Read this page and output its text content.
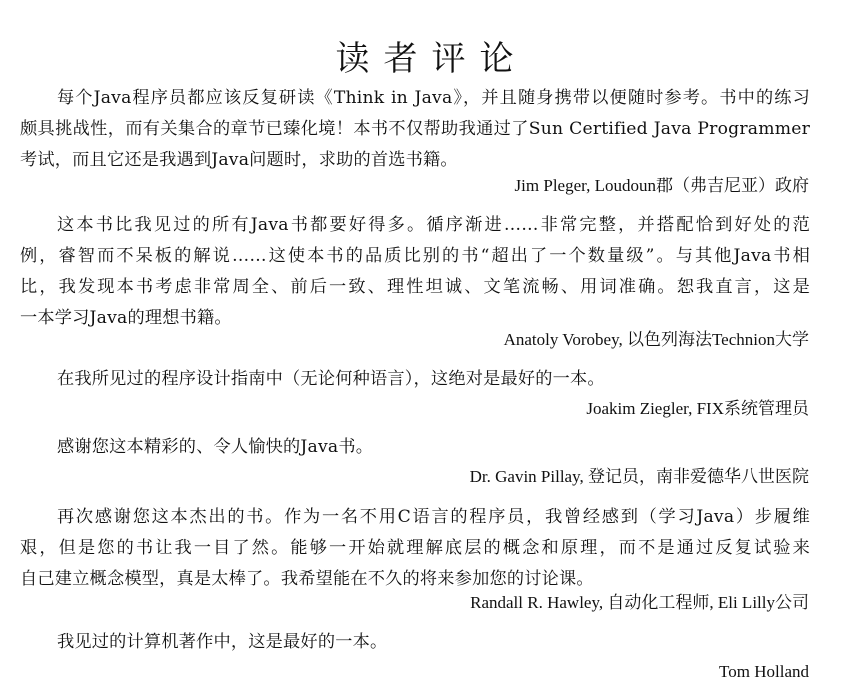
读者评论
每个Java程序员都应该反复研读《Think in Java》，并且随身携带以便随时参考。书中的练习
颇具挑战性，而有关集合的章节已臻化境！本书不仅帮助我通过了Sun Certified Java Programmer
考试，而且它还是我遇到Java问题时，求助的首选书籍。
Jim Pleger, Loudoun郡（弗吉尼亚）政府
这本书比我见过的所有Java书都要好得多。循序渐进……非常完整，并搭配恰到好处的范
例，睿智而不呆板的解说……这使本书的品质比别的书“超出了一个数量级”。与其他Java书相
比，我发现本书考虑非常周全、前后一致、理性坦诚、文笔流畅、用词准确。恕我直言，这是
一本学习Java的理想书籍。
Anatoly Vorobey, 以色列海法Technion大学
在我所见过的程序设计指南中（无论何种语言），这绝对是最好的一本。
Joakim Ziegler, FIX系统管理员
感谢您这本精彩的、令人愉快的Java书。
Dr. Gavin Pillay, 登记员，南非爱德华八世医院
再次感谢您这本杰出的书。作为一名不用C语言的程序员，我曾经感到（学习Java）步履维
艰，但是您的书让我一目了然。能够一开始就理解底层的概念和原理，而不是通过反复试验来
自己建立概念模型，真是太棒了。我希望能在不久的将来参加您的讨论课。
Randall R. Hawley, 自动化工程师, Eli Lilly公司
我见过的计算机著作中，这是最好的一本。
Tom Holland
